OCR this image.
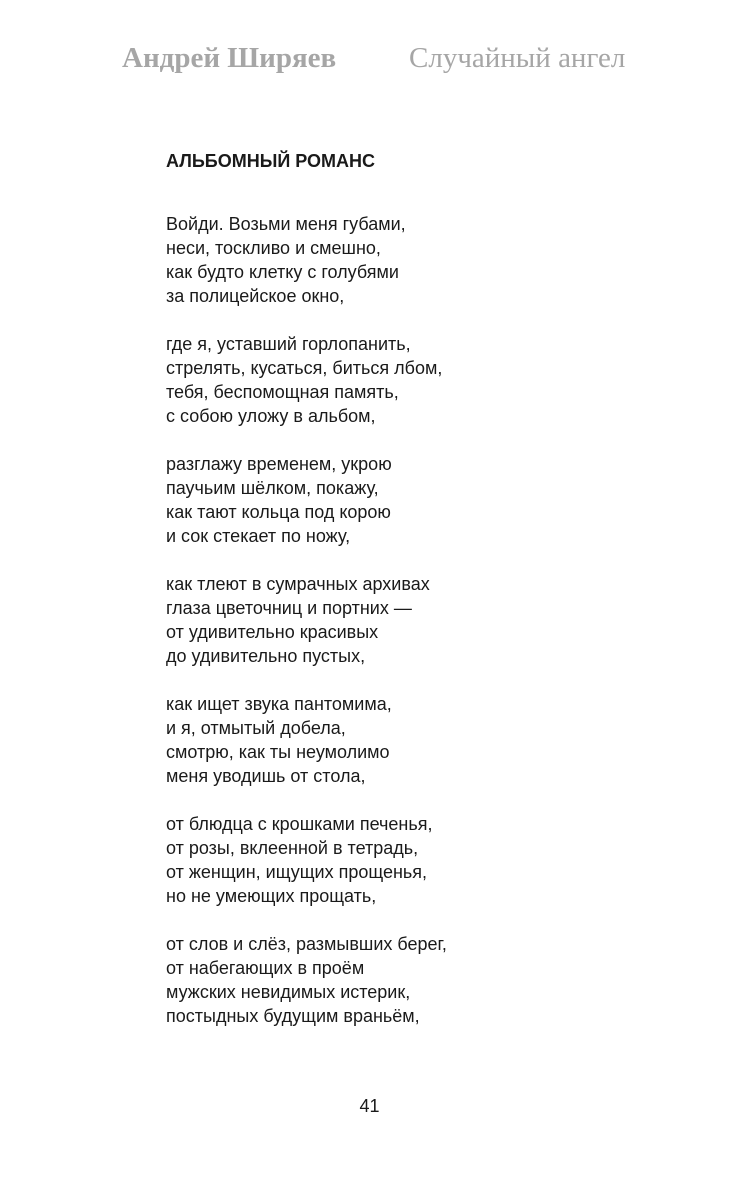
Андрей Ширяев	Случайный ангел
АЛЬБОМНЫЙ РОМАНС
Войди. Возьми меня губами,
неси, тоскливо и смешно,
как будто клетку с голубями
за полицейское окно,
где я, уставший горлопанить,
стрелять, кусаться, биться лбом,
тебя, беспомощная память,
с собою уложу в альбом,
разглажу временем, укрою
паучьим шёлком, покажу,
как тают кольца под корою
и сок стекает по ножу,
как тлеют в сумрачных архивах
глаза цветочниц и портних —
от удивительно красивых
до удивительно пустых,
как ищет звука пантомима,
и я, отмытый добела,
смотрю, как ты неумолимо
меня уводишь от стола,
от блюдца с крошками печенья,
от розы, вклеенной в тетрадь,
от женщин, ищущих прощенья,
но не умеющих прощать,
от слов и слёз, размывших берег,
от набегающих в проём
мужских невидимых истерик,
постыдных будущим враньём,
41
